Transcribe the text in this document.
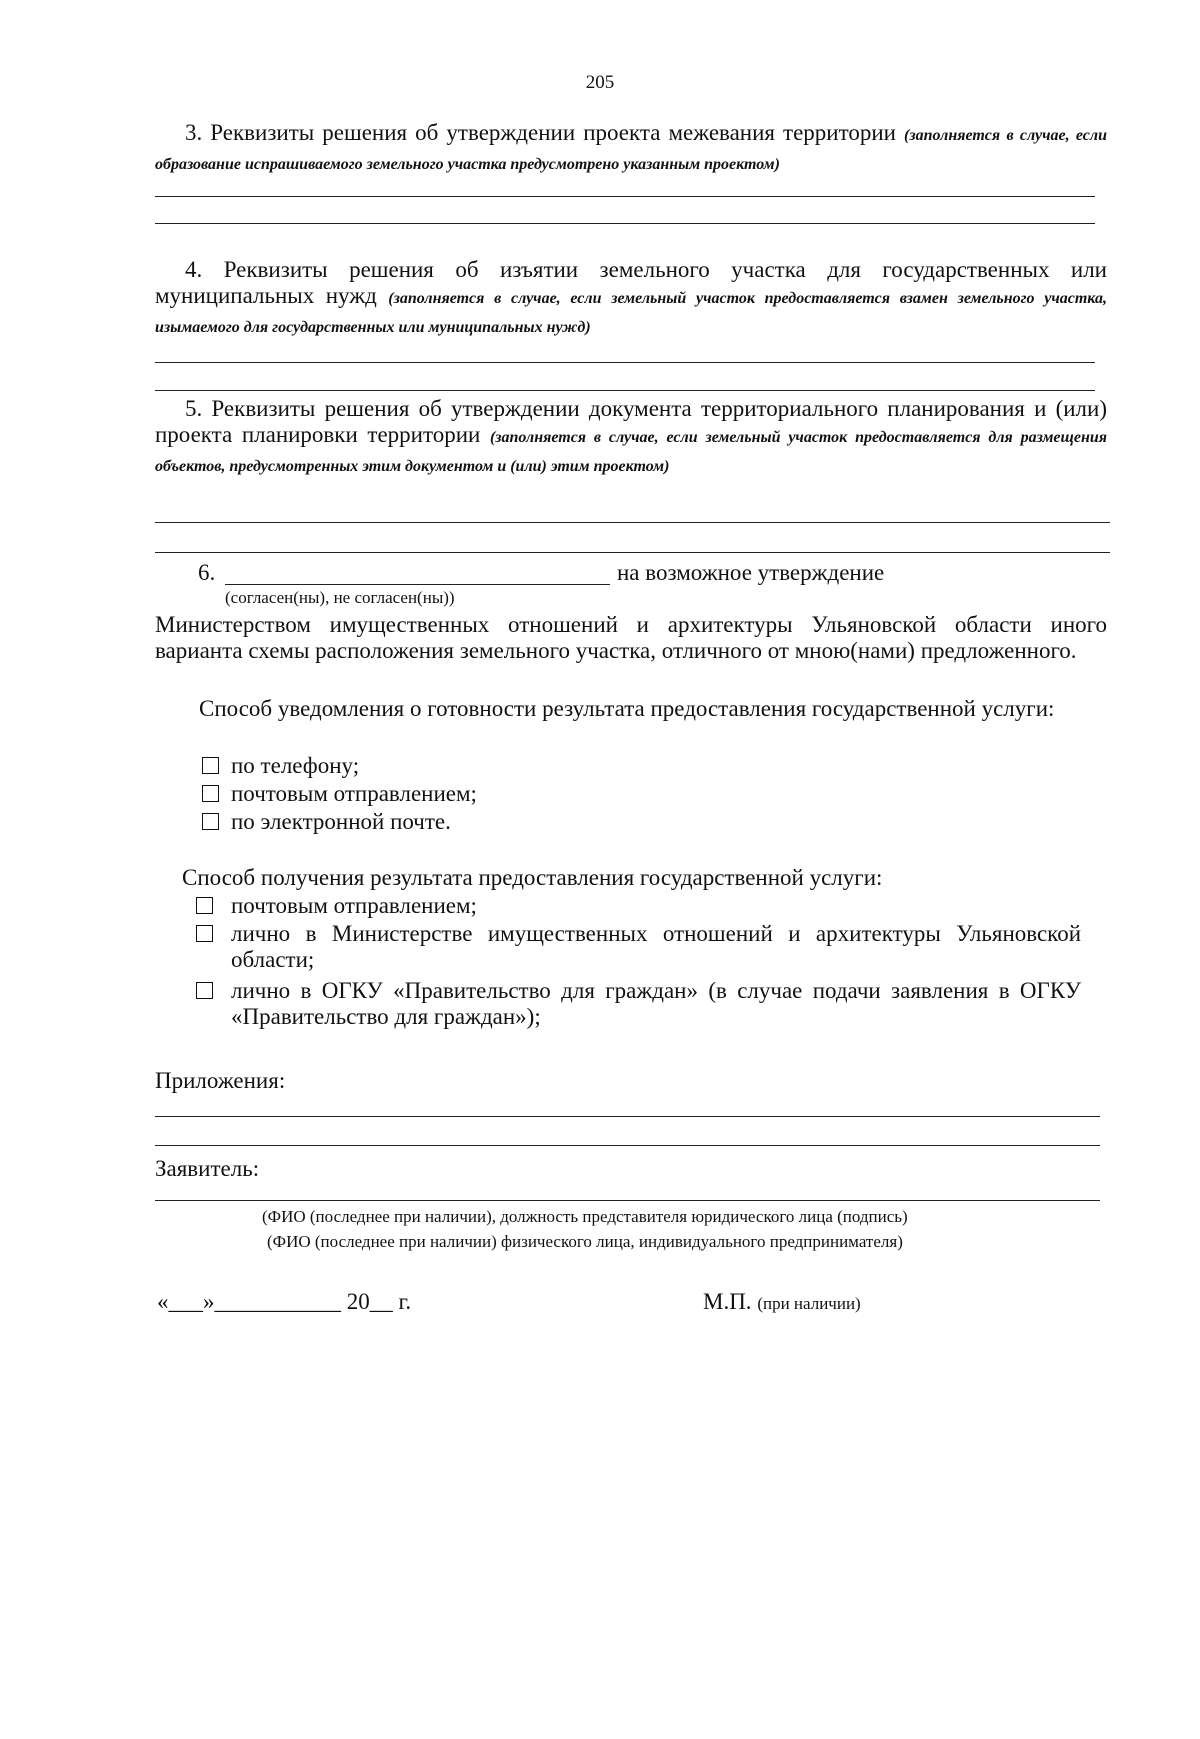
205
3. Реквизиты решения об утверждении проекта межевания территории (заполняется в случае, если образование испрашиваемого земельного участка предусмотрено указанным проектом)
4. Реквизиты решения об изъятии земельного участка для государственных или муниципальных нужд (заполняется в случае, если земельный участок предоставляется взамен земельного участка, изымаемого для государственных или муниципальных нужд)
5. Реквизиты решения об утверждении документа территориального планирования и (или) проекта планировки территории (заполняется в случае, если земельный участок предоставляется для размещения объектов, предусмотренных этим документом и (или) этим проектом)
6.	на возможное утверждение
(согласен(ны), не согласен(ны))
Министерством имущественных отношений и архитектуры Ульяновской области иного варианта схемы расположения земельного участка, отличного от мною(нами) предложенного.
Способ уведомления о готовности результата предоставления государственной услуги:
по телефону;
почтовым отправлением;
по электронной почте.
Способ получения результата предоставления государственной услуги:
почтовым отправлением;
лично в Министерстве имущественных отношений и архитектуры Ульяновской области;
лично в ОГКУ «Правительство для граждан» (в случае подачи заявления в ОГКУ «Правительство для граждан»);
Приложения:
Заявитель:
(ФИО (последнее при наличии), должность представителя юридического лица (подпись)
(ФИО (последнее при наличии) физического лица, индивидуального предпринимателя)
«___»___________ 20__ г.	М.П. (при наличии)
